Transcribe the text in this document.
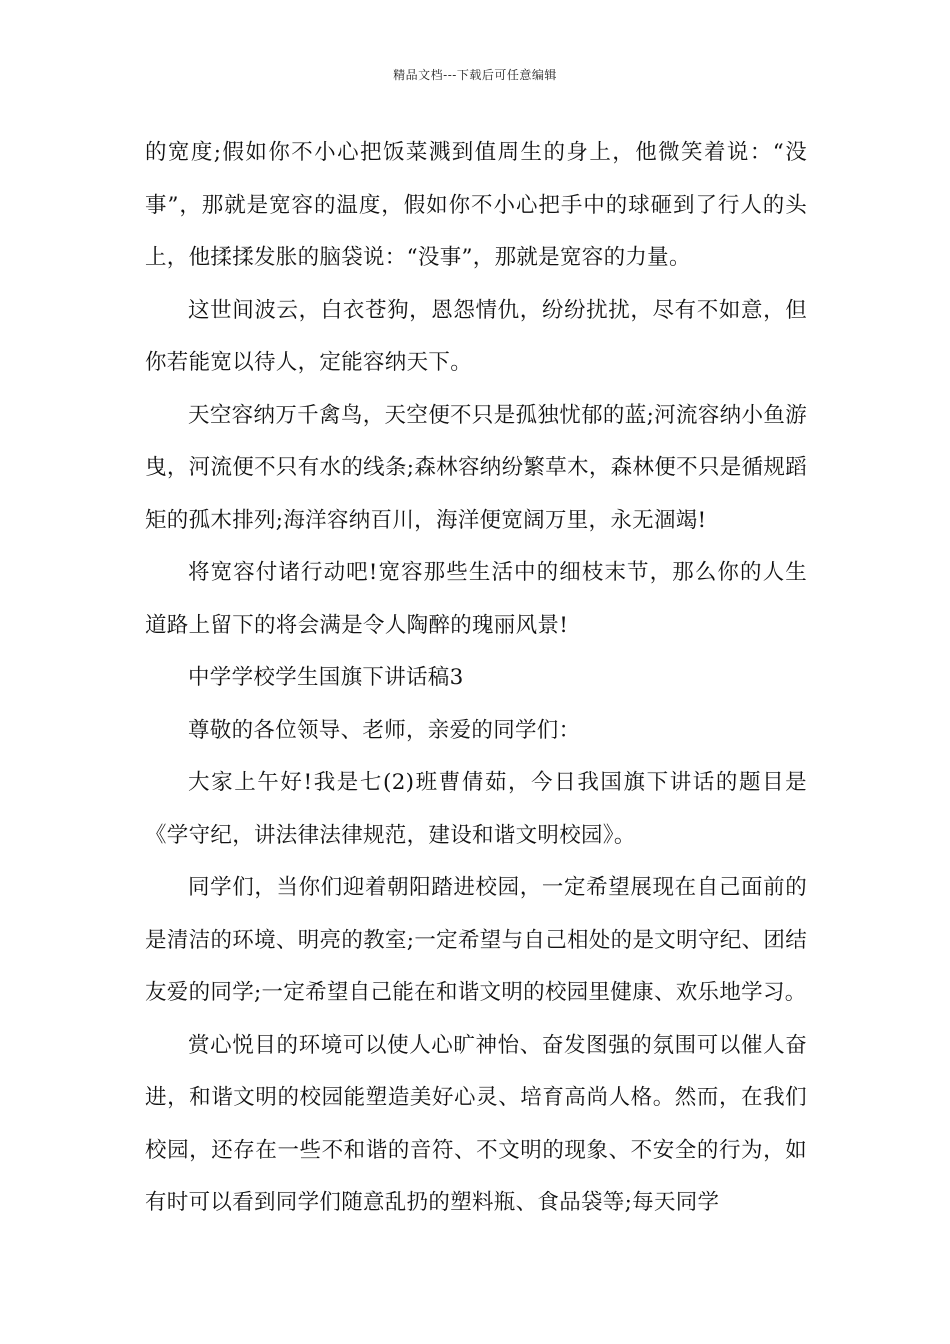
精品文档---下载后可任意编辑

的宽度;假如你不小心把饭菜溅到值周生的身上，他微笑着说：“没事”，那就是宽容的温度，假如你不小心把手中的球砸到了行人的头上，他揉揉发胀的脑袋说：“没事”，那就是宽容的力量。

这世间波云，白衣苍狗，恩怨情仇，纷纷扰扰，尽有不如意，但你若能宽以待人，定能容纳天下。

天空容纳万千禽鸟，天空便不只是孤独忧郁的蓝;河流容纳小鱼游曳，河流便不只有水的线条;森林容纳纷繁草木，森林便不只是循规蹈矩的孤木排列;海洋容纳百川，海洋便宽阔万里，永无涸竭!

将宽容付诸行动吧!宽容那些生活中的细枝末节，那么你的人生道路上留下的将会满是令人陶醉的瑰丽风景!

中学学校学生国旗下讲话稿3

尊敬的各位领导、老师，亲爱的同学们：

大家上午好!我是七(2)班曹倩茹，今日我国旗下讲话的题目是《学守纪，讲法律法律规范，建设和谐文明校园》。

同学们，当你们迎着朝阳踏进校园，一定希望展现在自己面前的是清洁的环境、明亮的教室;一定希望与自己相处的是文明守纪、团结友爱的同学;一定希望自己能在和谐文明的校园里健康、欢乐地学习。

赏心悦目的环境可以使人心旷神怡、奋发图强的氛围可以催人奋进，和谐文明的校园能塑造美好心灵、培育高尚人格。然而，在我们校园，还存在一些不和谐的音符、不文明的现象、不安全的行为，如有时可以看到同学们随意乱扔的塑料瓶、食品袋等;每天同学
